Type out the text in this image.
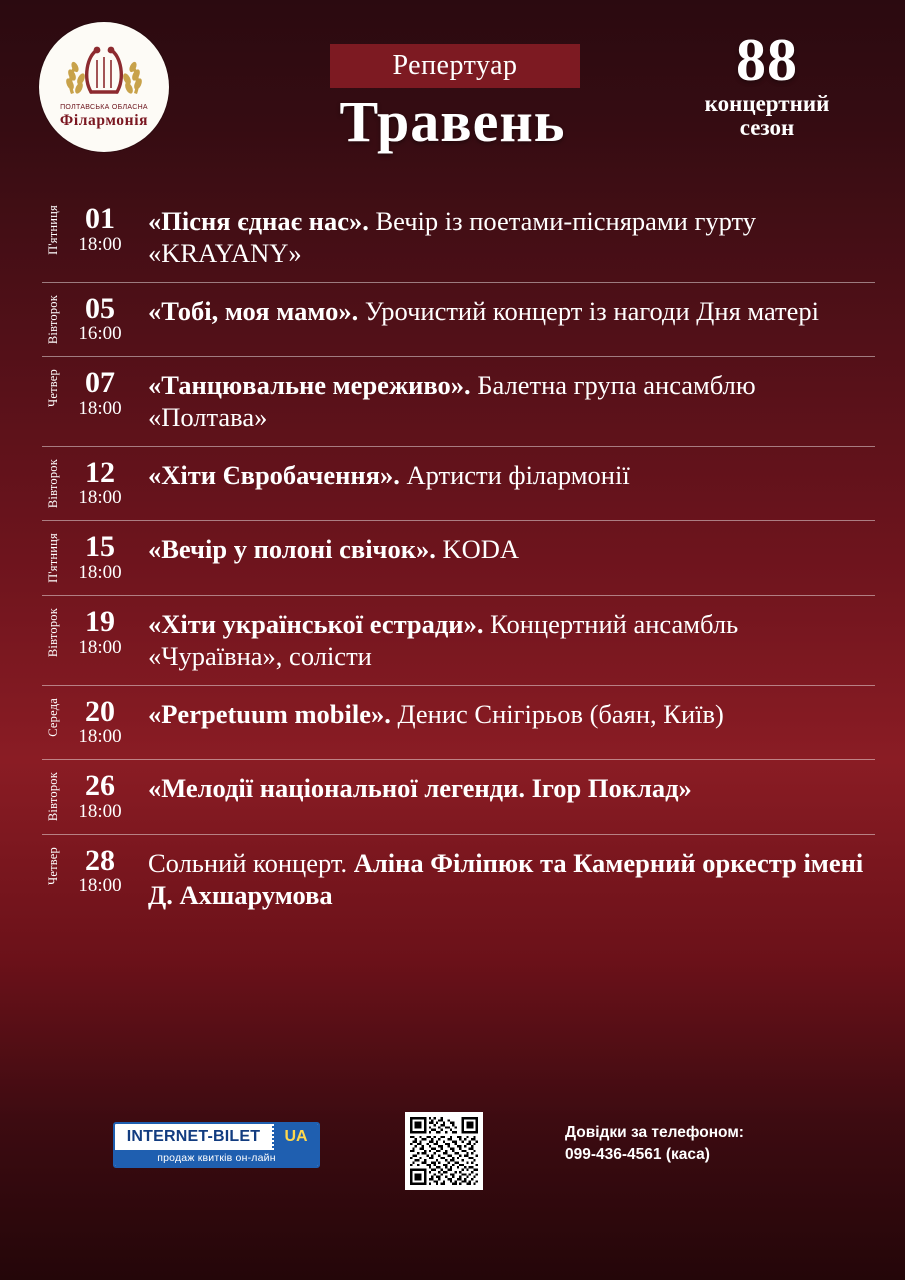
ПОЛТАВСЬКА ОБЛАСНА
Філармонія
Репертуар
Травень
88
концертний
сезон
П'ятниця 01
18:00
«Пісня єднає нас». Вечір із поетами-піснярами гурту «KRAYANY»
Вівторок 05
16:00
«Тобі, моя мамо». Урочистий концерт із нагоди Дня матері
Четвер 07
18:00
«Танцювальне мереживо». Балетна група ансамблю «Полтава»
Вівторок 12
18:00
«Хіти Євробачення». Артисти філармонії
П'ятниця 15
18:00
«Вечір у полоні свічок». KODA
Вівторок 19
18:00
«Хіти української естради». Концертний ансамбль «Чураївна», солісти
Середа 20
18:00
«Perpetuum mobile». Денис Снігірьов (баян, Київ)
Вівторок 26
18:00
«Мелодії національної легенди. Ігор Поклад»
Четвер 28
18:00
Сольний концерт. Аліна Філіпюк та Камерний оркестр імені Д. Ахшарумова
INTERNET-BILET	UA
продаж квитків он-лайн
Довідки за телефоном:
099-436-4561 (каса)
